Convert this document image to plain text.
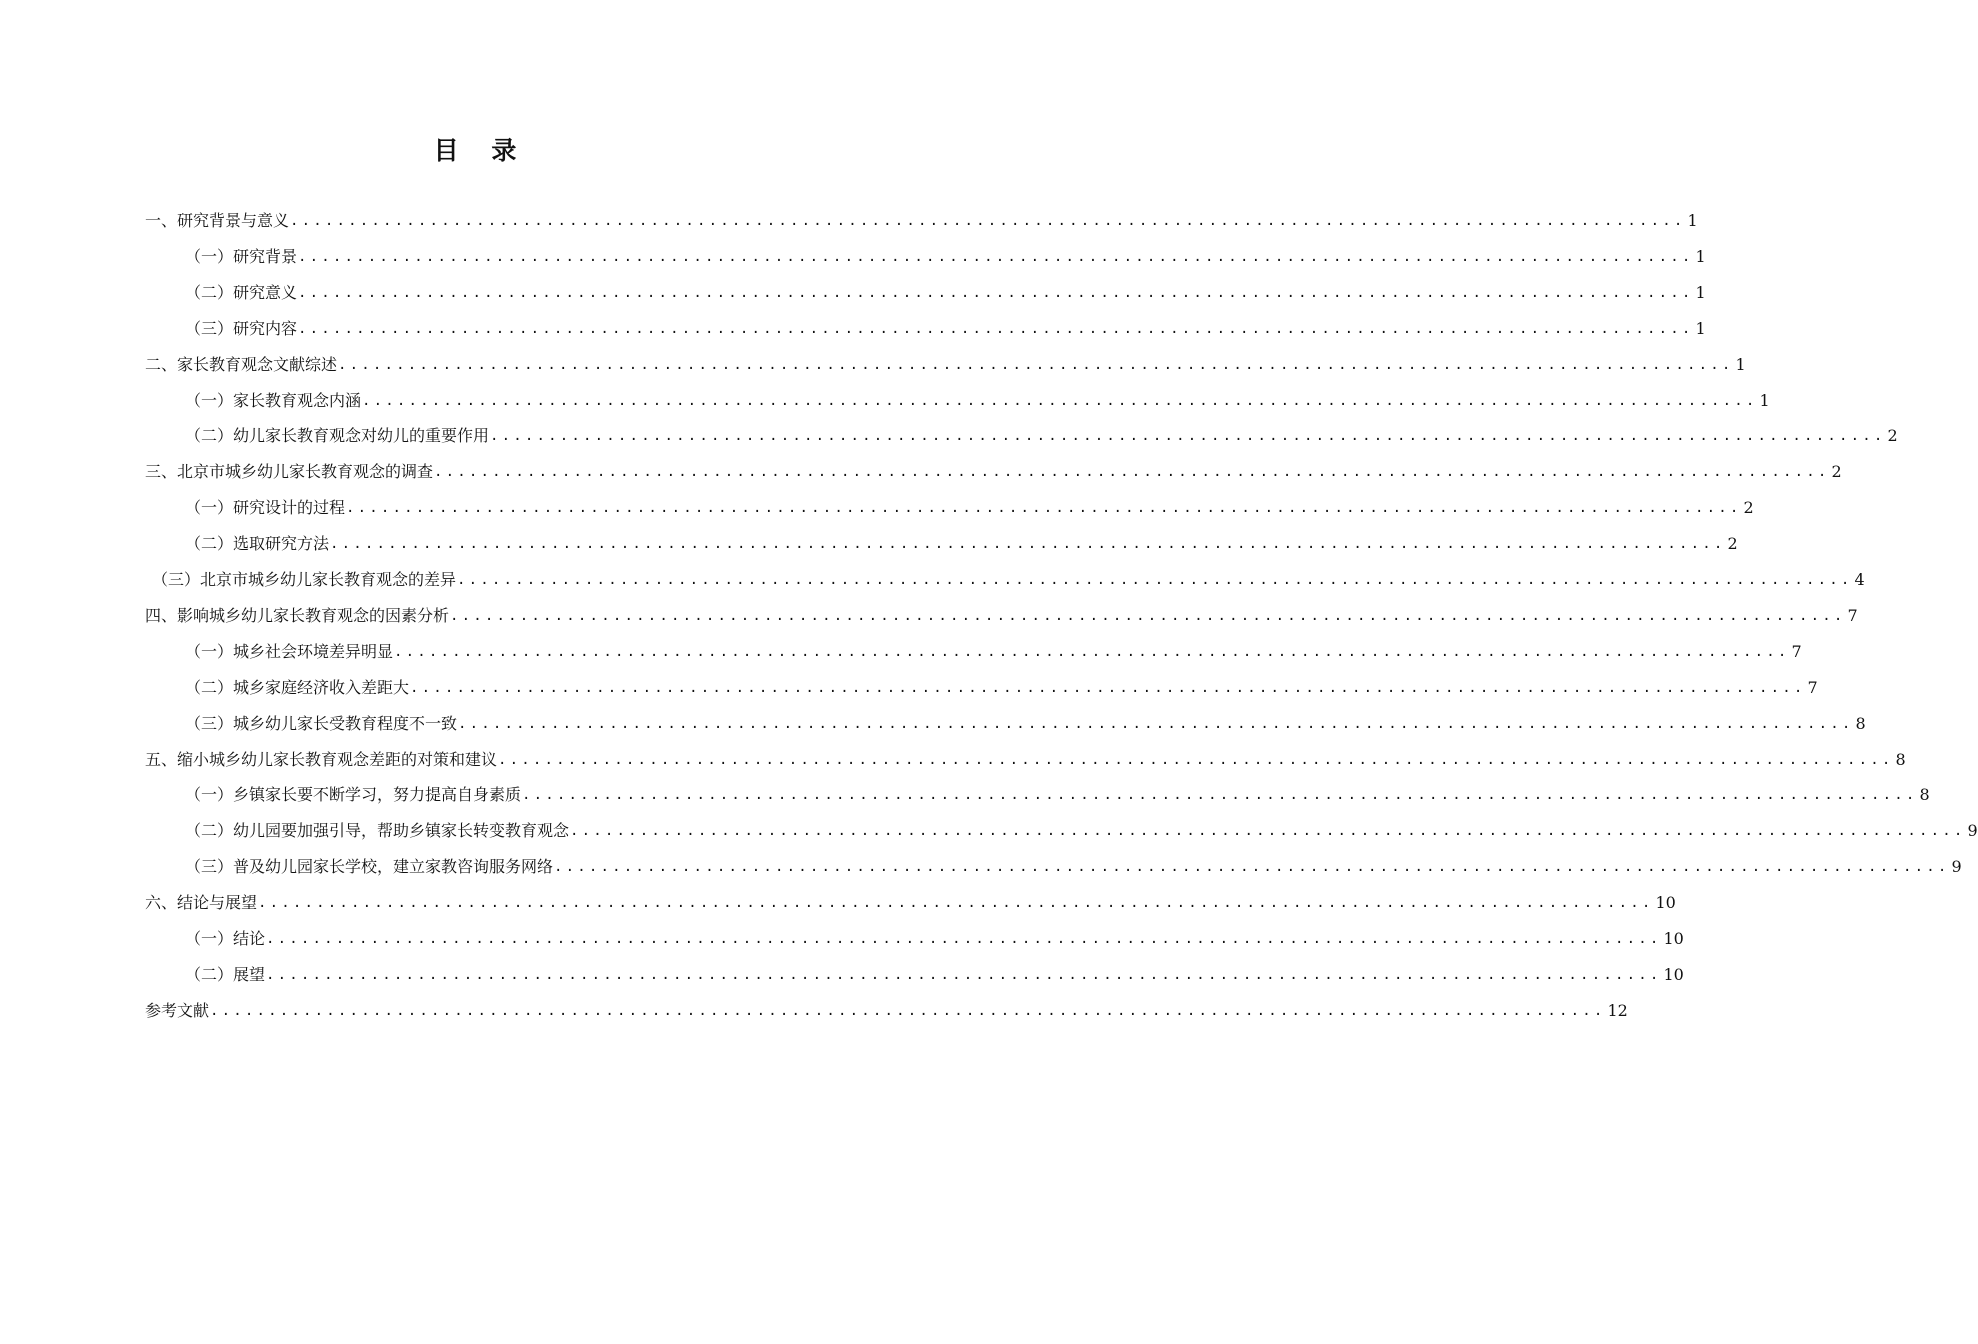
目 录
一、研究背景与意义 ........................................................................................................................ 1
（一）研究背景 ........................................................................................................................ 1
（二）研究意义 ........................................................................................................................ 1
（三）研究内容 ........................................................................................................................ 1
二、家长教育观念文献综述 ........................................................................................................................ 1
（一）家长教育观念内涵 ........................................................................................................................ 1
（二）幼儿家长教育观念对幼儿的重要作用 ........................................................................................................................ 2
三、北京市城乡幼儿家长教育观念的调查 ........................................................................................................................ 2
（一）研究设计的过程 ........................................................................................................................ 2
（二）选取研究方法 ........................................................................................................................ 2
（三）北京市城乡幼儿家长教育观念的差异 ........................................................................................................................ 4
四、影响城乡幼儿家长教育观念的因素分析 ........................................................................................................................ 7
（一）城乡社会环境差异明显 ........................................................................................................................ 7
（二）城乡家庭经济收入差距大 ........................................................................................................................ 7
（三）城乡幼儿家长受教育程度不一致 ........................................................................................................................ 8
五、缩小城乡幼儿家长教育观念差距的对策和建议 ........................................................................................................................ 8
（一）乡镇家长要不断学习，努力提高自身素质 ........................................................................................................................ 8
（二）幼儿园要加强引导，帮助乡镇家长转变教育观念 ........................................................................................................................ 9
（三）普及幼儿园家长学校，建立家教咨询服务网络 ........................................................................................................................ 9
六、结论与展望 ........................................................................................................................ 10
（一）结论 ........................................................................................................................ 10
（二）展望 ........................................................................................................................ 10
参考文献 ........................................................................................................................ 12
